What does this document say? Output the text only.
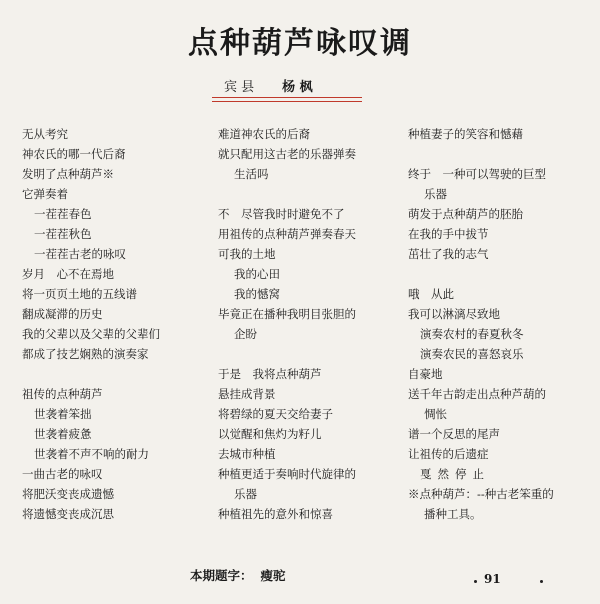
点种葫芦咏叹调
宾 县 杨 枫
无从考究
神农氏的哪一代后裔
发明了点种葫芦※
它弹奏着
一茬茬春色
一茬茬秋色
一茬茬古老的咏叹
岁月　心不在焉地
将一页页土地的五线谱
翻成凝滞的历史
我的父辈以及父辈的父辈们
都成了技艺娴熟的演奏家
祖传的点种葫芦
世袭着笨拙
世袭着疲惫
世袭着不声不响的耐力
一曲古老的咏叹
将肥沃变丧成遗憾
将遗憾变丧成沉思
难道神农氏的后裔
就只配用这古老的乐器弹奏
生活吗
不　尽管我时时避免不了
用祖传的点种葫芦弹奏春天
可我的土地
我的心田
我的憾窝
毕竟正在播种我明目张胆的
企盼
于是　我将点种葫芦
悬挂成背景
将碧绿的夏天交给妻子
以觉醒和焦灼为籽儿
去城市种植
种植更适于奏响时代旋律的
乐器
种植祖先的意外和惊喜
种植妻子的笑容和憾藉
终于　一种可以驾驶的巨型
乐器
萌发于点种葫芦的胚胎
在我的手中拔节
茁壮了我的志气
哦　从此
我可以淋漓尽致地
演奏农村的春夏秋冬
演奏农民的喜怒哀乐
自豪地
送千年古韵走出点种芦葫的
惆怅
谱一个反思的尾声
让祖传的后遗症
戛然停止
※点种葫芦：--种古老笨重的
播种工具。
本期题字： 瘦驼	91
